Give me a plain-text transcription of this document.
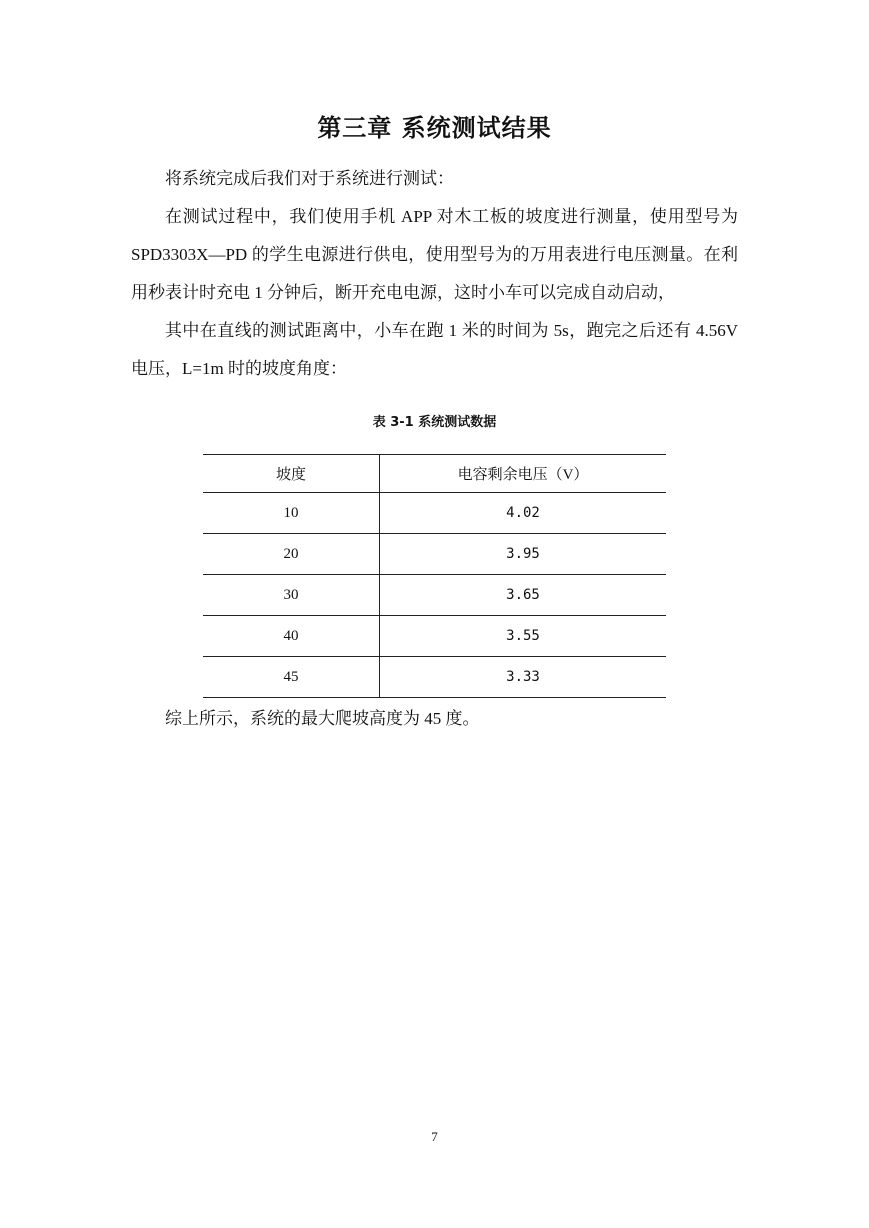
第三章 系统测试结果

将系统完成后我们对于系统进行测试：

在测试过程中，我们使用手机 APP 对木工板的坡度进行测量，使用型号为 SPD3303X—PD 的学生电源进行供电，使用型号为的万用表进行电压测量。在利用秒表计时充电 1 分钟后，断开充电电源，这时小车可以完成自动启动，

其中在直线的测试距离中，小车在跑 1 米的时间为 5s，跑完之后还有 4.56V 电压，L=1m 时的坡度角度：

表 3-1 系统测试数据
坡度	电容剩余电压（V）
10	4.02
20	3.95
30	3.65
40	3.55
45	3.33

综上所示，系统的最大爬坡高度为 45 度。

7
